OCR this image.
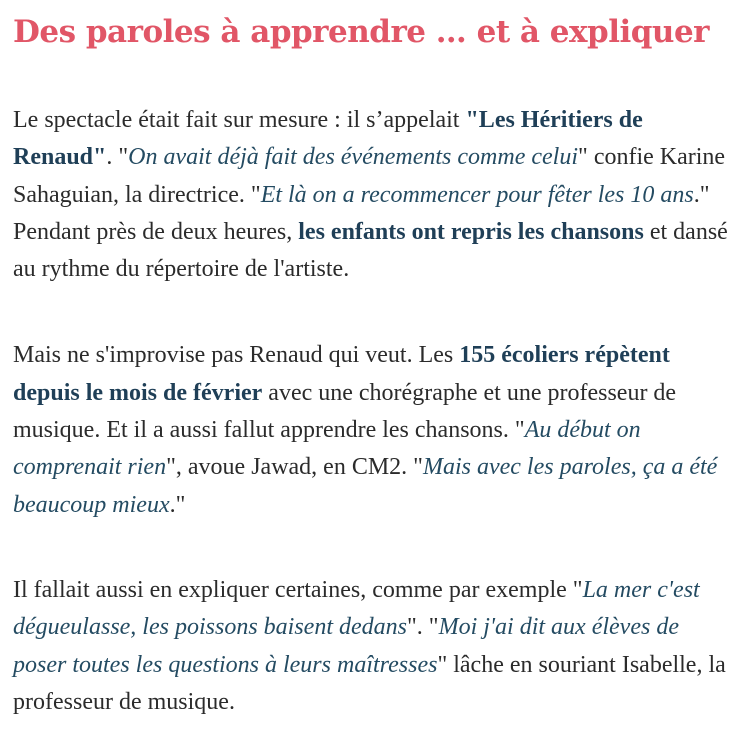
Des paroles à apprendre … et à expliquer

Le spectacle était fait sur mesure : il s’appelait "Les Héritiers de Renaud". "On avait déjà fait des événements comme celui" confie Karine Sahaguian, la directrice. "Et là on a recommencer pour fêter les 10 ans." Pendant près de deux heures, les enfants ont repris les chansons et dansé au rythme du répertoire de l'artiste.

Mais ne s'improvise pas Renaud qui veut. Les 155 écoliers répètent depuis le mois de février avec une chorégraphe et une professeur de musique. Et il a aussi fallut apprendre les chansons. "Au début on comprenait rien", avoue Jawad, en CM2. "Mais avec les paroles, ça a été beaucoup mieux."

Il fallait aussi en expliquer certaines, comme par exemple "La mer c'est dégueulasse, les poissons baisent dedans". "Moi j'ai dit aux élèves de poser toutes les questions à leurs maîtresses" lâche en souriant Isabelle, la professeur de musique.
